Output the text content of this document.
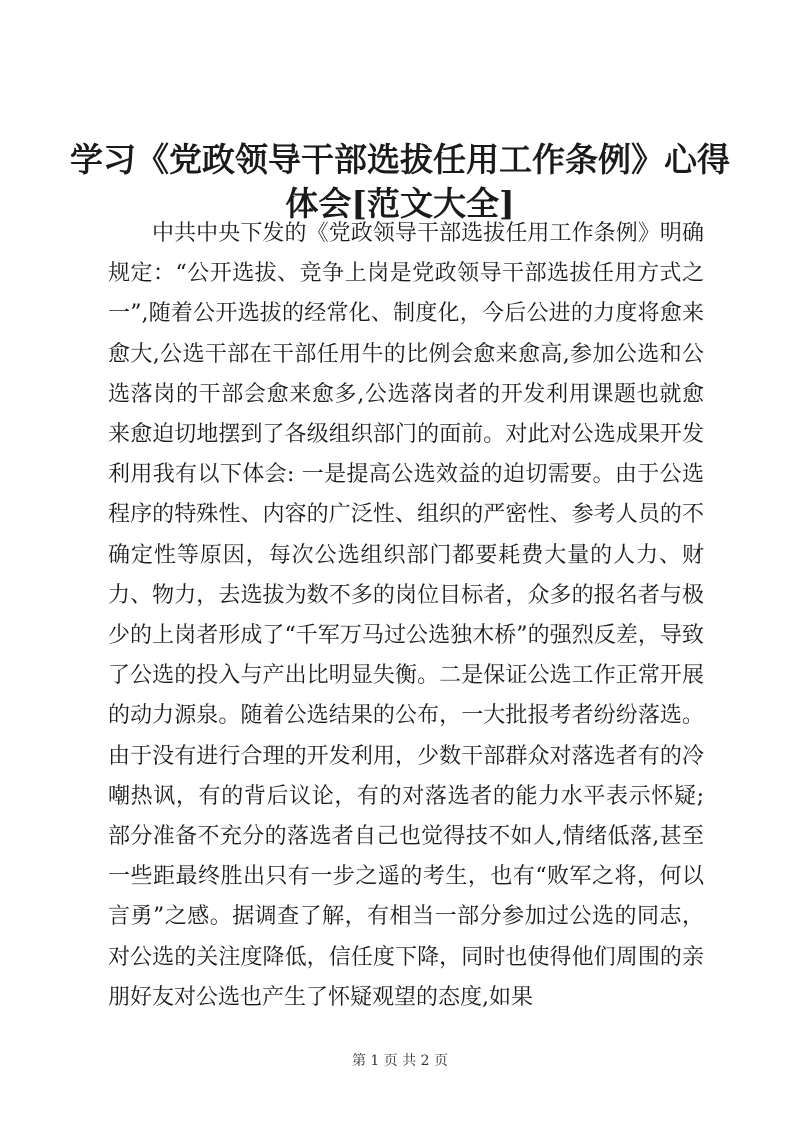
学习《党政领导干部选拔任用工作条例》心得
体会[范文大全]

中共中央下发的《党政领导干部选拔任用工作条例》明确规定：“公开选拔、竞争上岗是党政领导干部选拔任用方式之一”,随着公开选拔的经常化、制度化，今后公进的力度将愈来愈大,公选干部在干部任用牛的比例会愈来愈高,参加公选和公选落岗的干部会愈来愈多,公选落岗者的开发利用课题也就愈来愈迫切地摆到了各级组织部门的面前。对此对公选成果开发利用我有以下体会: 一是提高公选效益的迫切需要。由于公选程序的特殊性、内容的广泛性、组织的严密性、参考人员的不确定性等原因，每次公选组织部门都要耗费大量的人力、财力、物力，去选拔为数不多的岗位目标者，众多的报名者与极少的上岗者形成了“千军万马过公选独木桥”的强烈反差，导致了公选的投入与产出比明显失衡。二是保证公选工作正常开展的动力源泉。随着公选结果的公布，一大批报考者纷纷落选。由于没有进行合理的开发利用，少数干部群众对落选者有的冷嘲热讽，有的背后议论，有的对落选者的能力水平表示怀疑; 部分准备不充分的落选者自己也觉得技不如人,情绪低落,甚至一些距最终胜出只有一步之遥的考生，也有“败军之将，何以言勇”之感。据调查了解，有相当一部分参加过公选的同志，对公选的关注度降低，信任度下降，同时也使得他们周围的亲朋好友对公选也产生了怀疑观望的态度,如果

第 1 页 共 2 页
